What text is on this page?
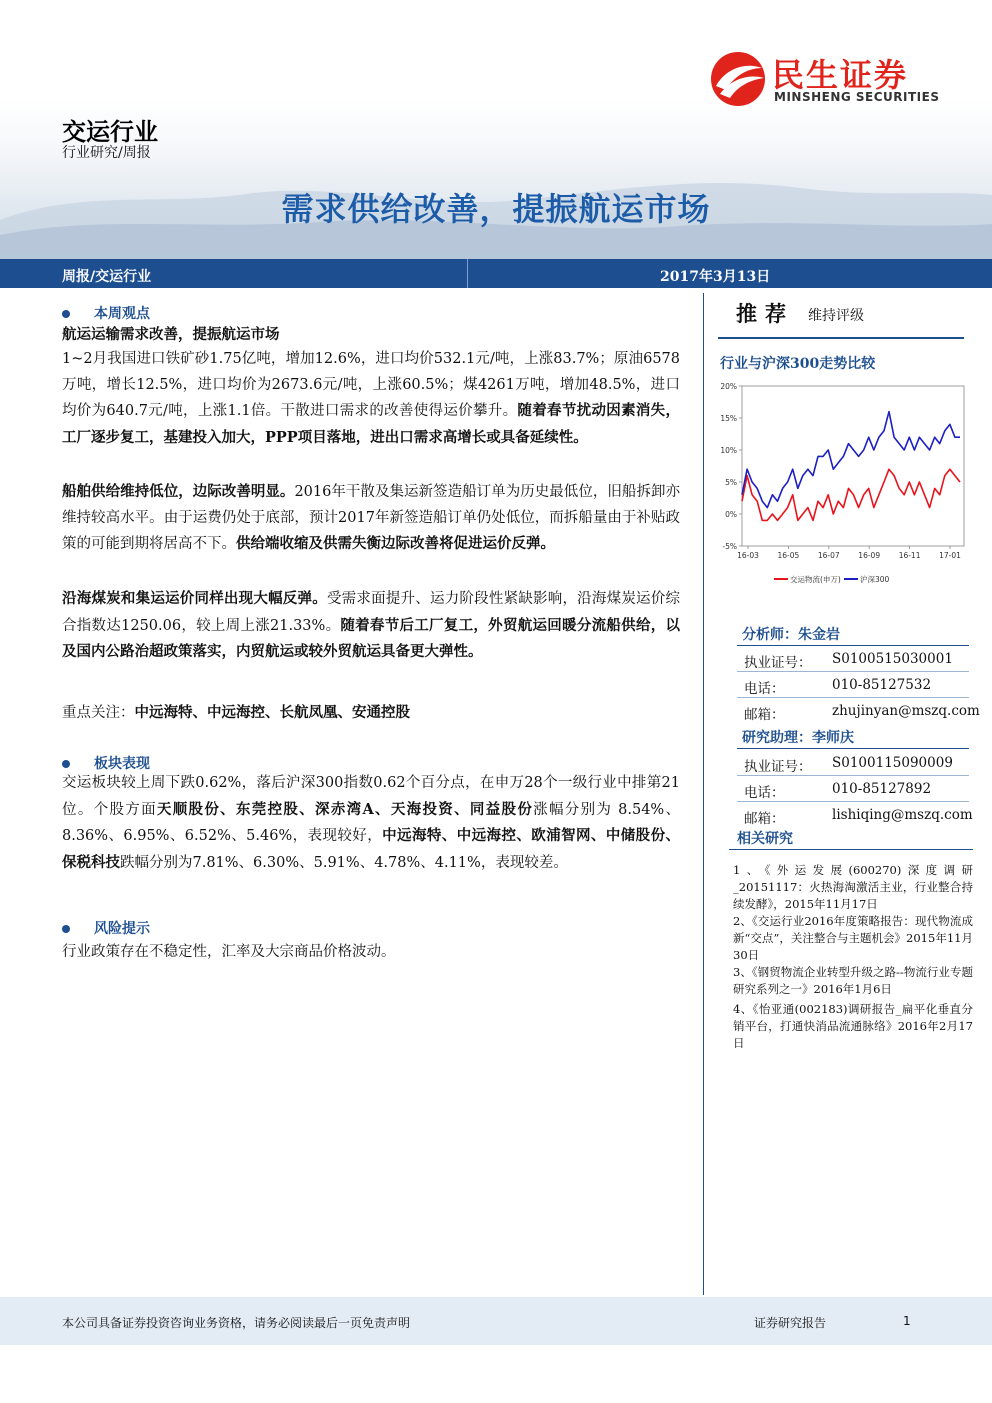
民生证券
MINSHENG SECURITIES
交运行业
行业研究/周报
需求供给改善，提振航运市场
周报/交运行业	2017年3月13日
本周观点
航运运输需求改善，提振航运市场
1~2月我国进口铁矿砂1.75亿吨，增加12.6%，进口均价532.1元/吨，上涨83.7%；原油6578万吨，增长12.5%，进口均价为2673.6元/吨，上涨60.5%；煤4261万吨，增加48.5%，进口均价为640.7元/吨，上涨1.1倍。干散进口需求的改善使得运价攀升。随着春节扰动因素消失，工厂逐步复工，基建投入加大，PPP项目落地，进出口需求高增长或具备延续性。
船舶供给维持低位，边际改善明显。2016年干散及集运新签造船订单为历史最低位，旧船拆卸亦维持较高水平。由于运费仍处于底部，预计2017年新签造船订单仍处低位，而拆船量由于补贴政策的可能到期将居高不下。供给端收缩及供需失衡边际改善将促进运价反弹。
沿海煤炭和集运运价同样出现大幅反弹。受需求面提升、运力阶段性紧缺影响，沿海煤炭运价综合指数达1250.06，较上周上涨21.33%。随着春节后工厂复工，外贸航运回暖分流船供给，以及国内公路治超政策落实，内贸航运或较外贸航运具备更大弹性。
重点关注：中远海特、中远海控、长航凤凰、安通控股
板块表现
交运板块较上周下跌0.62%，落后沪深300指数0.62个百分点，在申万28个一级行业中排第21位。个股方面天顺股份、东莞控股、深赤湾A、天海投资、同益股份涨幅分别为 8.54%、8.36%、6.95%、6.52%、5.46%，表现较好，中远海特、中远海控、欧浦智网、中储股份、保税科技跌幅分别为7.81%、6.30%、5.91%、4.78%、4.11%，表现较差。
风险提示
行业政策存在不稳定性，汇率及大宗商品价格波动。
推荐 维持评级
行业与沪深300走势比较
20%
15%
10%
5%
0%
-5%
16-03 16-05 16-07 16-09 16-11 17-01
交运物流(申万)	沪深300
分析师：朱金岩
执业证号： S0100515030001
电话：	010-85127532
邮箱：	zhujinyan@mszq.com
研究助理：李师庆
执业证号： S0100115090009
电话：	010-85127892
邮箱：	lishiqing@mszq.com
相关研究
1、《外运发展(600270)深度调研_20151117：火热海淘激活主业，行业整合持续发酵》，2015年11月17日
2、《交运行业2016年度策略报告：现代物流成新“交点”，关注整合与主题机会》2015年11月30日
3、《钢贸物流企业转型升级之路--物流行业专题研究系列之一》2016年1月6日
4、《怡亚通(002183)调研报告_扁平化垂直分销平台，打通快消品流通脉络》2016年2月17日
本公司具备证券投资咨询业务资格，请务必阅读最后一页免责声明	证券研究报告	1
